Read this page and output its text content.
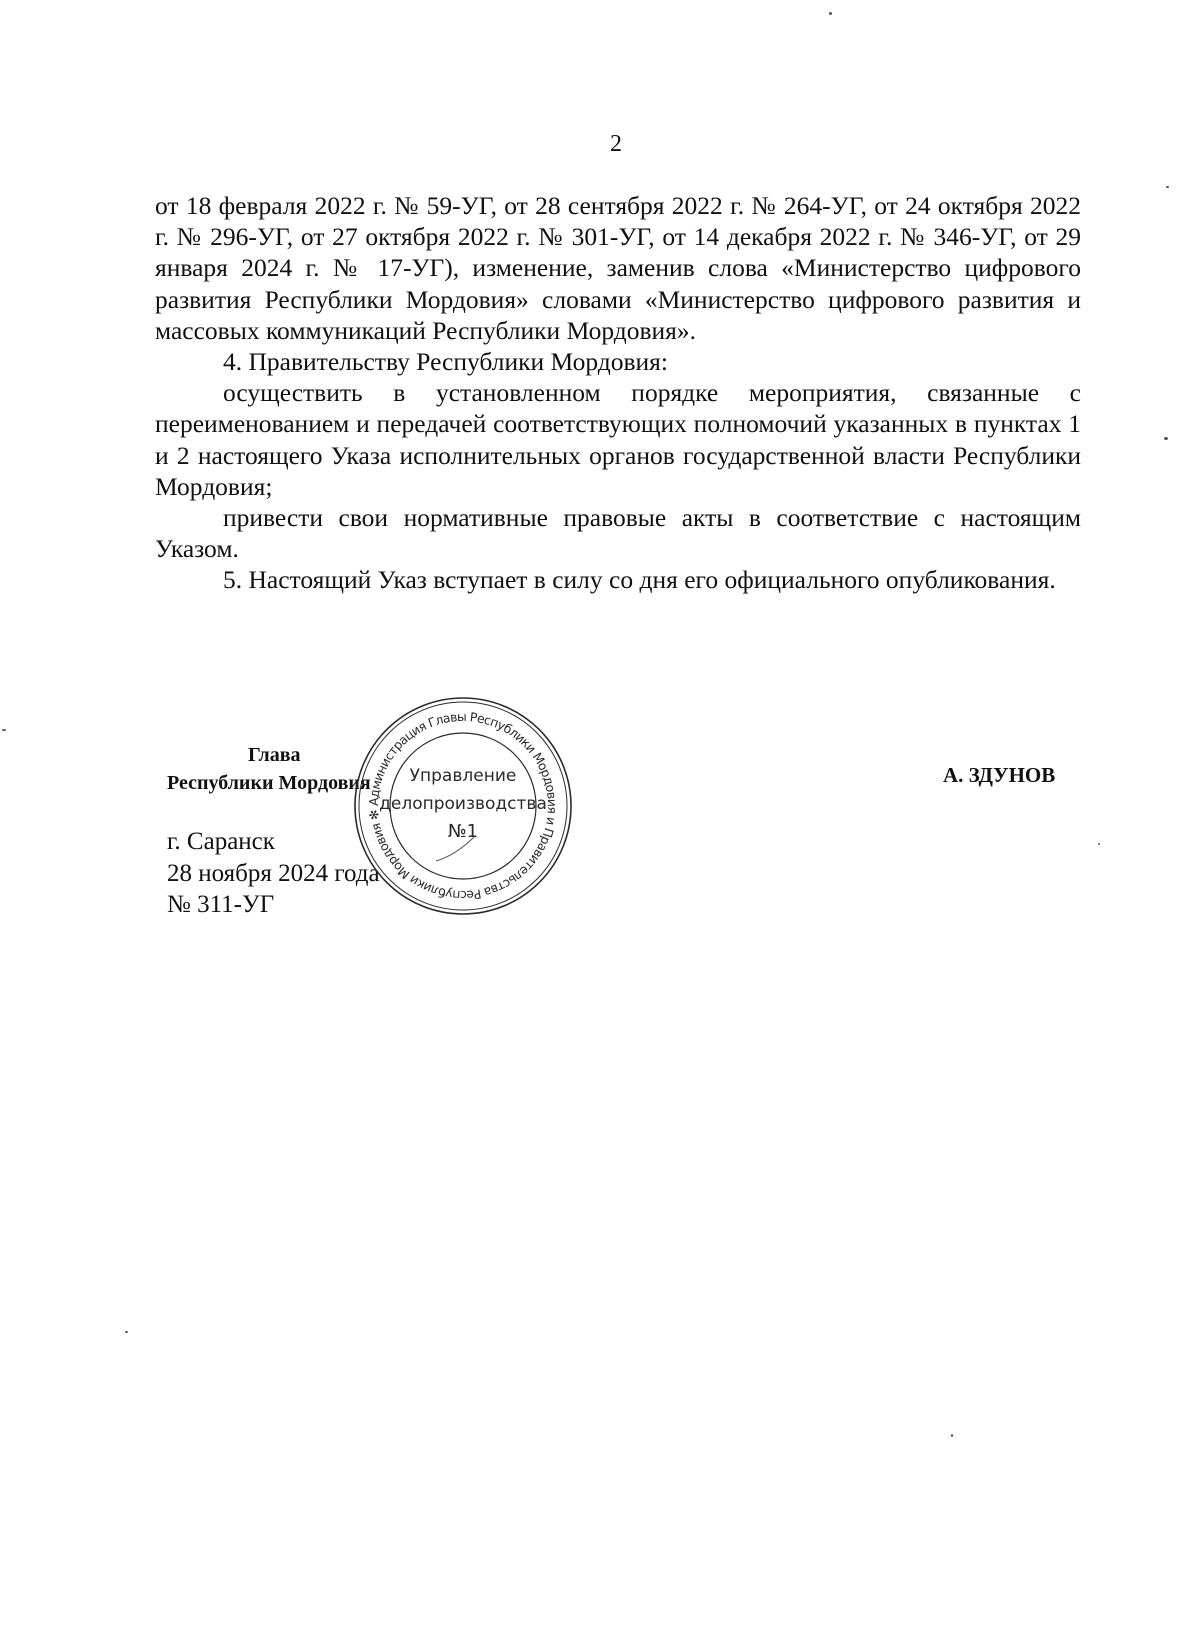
2

от 18 февраля 2022 г. № 59-УГ, от 28 сентября 2022 г. № 264-УГ, от 24 октября 2022 г. № 296-УГ, от 27 октября 2022 г. № 301-УГ, от 14 декабря 2022 г. № 346-УГ, от 29 января 2024 г. № 17-УГ), изменение, заменив слова «Министерство цифрового развития Республики Мордовия» словами «Министерство цифрового развития и массовых коммуникаций Республики Мордовия».

4. Правительству Республики Мордовия:

осуществить в установленном порядке мероприятия, связанные с переименованием и передачей соответствующих полномочий указанных в пунктах 1 и 2 настоящего Указа исполнительных органов государственной власти Республики Мордовия;

привести свои нормативные правовые акты в соответствие с настоящим Указом.

5. Настоящий Указ вступает в силу со дня его официального опубликования.

Глава
Республики Мордовия	А. ЗДУНОВ
г. Саранск
28 ноября 2024 года
№ 311-УГ
Администрация Главы Республики Мордовия и Правительства Республики Мордовия ✻
Управление
делопроизводства
№1
